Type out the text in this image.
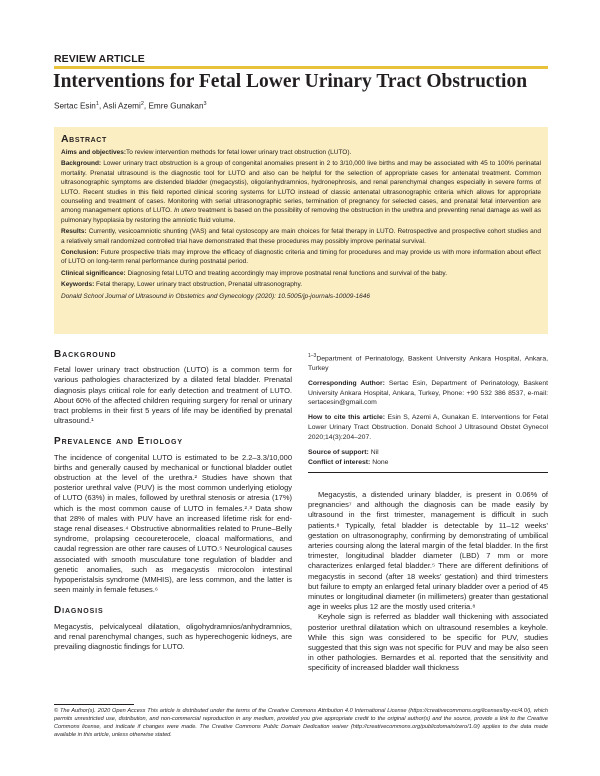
REVIEW ARTICLE
Interventions for Fetal Lower Urinary Tract Obstruction
Sertac Esin$^1$, Asli Azemi$^2$, Emre Gunakan$^3$
Abstract

Aims and objectives:To review intervention methods for fetal lower urinary tract obstruction (LUTO).

Background: Lower urinary tract obstruction is a group of congenital anomalies present in 2 to 3/10,000 live births and may be associated with 45 to 100% perinatal mortality. Prenatal ultrasound is the diagnostic tool for LUTO and also can be helpful for the selection of appropriate cases for antenatal treatment. Common ultrasonographic symptoms are distended bladder (megacystis), oligo/anhydramnios, hydronephrosis, and renal parenchymal changes especially in severe forms of LUTO. Recent studies in this field reported clinical scoring systems for LUTO instead of classic antenatal ultrasonographic criteria which allows for appropriate counseling and treatment of cases. Monitoring with serial ultrasonographic series, termination of pregnancy for selected cases, and prenatal fetal intervention are among management options of LUTO. In utero treatment is based on the possibility of removing the obstruction in the urethra and preventing renal damage as well as pulmonary hypoplasia by restoring the amniotic fluid volume.

Results: Currently, vesicoamniotic shunting (VAS) and fetal cystoscopy are main choices for fetal therapy in LUTO. Retrospective and prospective cohort studies and a relatively small randomized controlled trial have demonstrated that these procedures may possibly improve perinatal survival.

Conclusion: Future prospective trials may improve the efficacy of diagnostic criteria and timing for procedures and may provide us with more information about effect of LUTO on long-term renal performance during postnatal period.

Clinical significance: Diagnosing fetal LUTO and treating accordingly may improve postnatal renal functions and survival of the baby.

Keywords: Fetal therapy, Lower urinary tract obstruction, Prenatal ultrasonography.

Donald School Journal of Ultrasound in Obstetrics and Gynecology (2020): 10.5005/jp-journals-10009-1646

Background

Fetal lower urinary tract obstruction (LUTO) is a common term for various pathologies characterized by a dilated fetal bladder. Prenatal diagnosis plays critical role for early detection and treatment of LUTO. About 60% of the affected children requiring surgery for renal or urinary tract problems in their first 5 years of life may be identified by prenatal ultrasound.¹

Prevalence and Etiology

The incidence of congenital LUTO is estimated to be 2.2–3.3/10,000 births and generally caused by mechanical or functional bladder outlet obstruction at the level of the urethra.² Studies have shown that posterior urethral valve (PUV) is the most common underlying etiology of LUTO (63%) in males, followed by urethral stenosis or atresia (17%) which is the most common cause of LUTO in females.²˒³ Data show that 28% of males with PUV have an increased lifetime risk for end-stage renal diseases.⁴ Obstructive abnormalities related to Prune–Belly syndrome, prolapsing cecoureterocele, cloacal malformations, and caudal regression are other rare causes of LUTO.⁵ Neurological causes associated with smooth musculature tone regulation of bladder and genetic anomalies, such as megacystis microcolon intestinal hypoperistalsis syndrome (MMHIS), are less common, and the latter is seen mainly in female fetuses.⁶

Diagnosis

Megacystis, pelvicalyceal dilatation, oligohydramnios/anhydramnios, and renal parenchymal changes, such as hyperechogenic kidneys, are prevailing diagnostic findings for LUTO.

$^{1-3}$Department of Perinatology, Baskent University Ankara Hospital, Ankara, Turkey

Corresponding Author: Sertac Esin, Department of Perinatology, Baskent University Ankara Hospital, Ankara, Turkey, Phone: +90 532 386 8537, e-mail: sertacesin@gmail.com

How to cite this article: Esin S, Azemi A, Gunakan E. Interventions for Fetal Lower Urinary Tract Obstruction. Donald School J Ultrasound Obstet Gynecol 2020;14(3):204–207.

Source of support: Nil

Conflict of interest: None

Megacystis, a distended urinary bladder, is present in 0.06% of pregnancies⁷ and although the diagnosis can be made easily by ultrasound in the first trimester, management is difficult in such patients.⁸ Typically, fetal bladder is detectable by 11–12 weeks’ gestation on ultrasonography, confirming by demonstrating of umbilical arteries coursing along the lateral margin of the fetal bladder. In the first trimester, longitudinal bladder diameter (LBD) 7 mm or more characterizes enlarged fetal bladder.⁵ There are different definitions of megacystis in second (after 18 weeks’ gestation) and third trimesters but failure to empty an enlarged fetal urinary bladder over a period of 45 minutes or longitudinal diameter (in millimeters) greater than gestational age in weeks plus 12 are the mostly used criteria.⁸

Keyhole sign is referred as bladder wall thickening with associated posterior urethral dilatation which on ultrasound resembles a keyhole. While this sign was considered to be specific for PUV, studies suggested that this sign was not specific for PUV and may be also seen in other pathologies. Bernardes et al. reported that the sensitivity and specificity of increased bladder wall thickness

© The Author(s). 2020 Open Access This article is distributed under the terms of the Creative Commons Attribution 4.0 International License (https://creativecommons.org/licenses/by-nc/4.0/), which permits unrestricted use, distribution, and non-commercial reproduction in any medium, provided you give appropriate credit to the original author(s) and the source, provide a link to the Creative Commons license, and indicate if changes were made. The Creative Commons Public Domain Dedication waiver (http://creativecommons.org/publicdomain/zero/1.0/) applies to the data made available in this article, unless otherwise stated.
